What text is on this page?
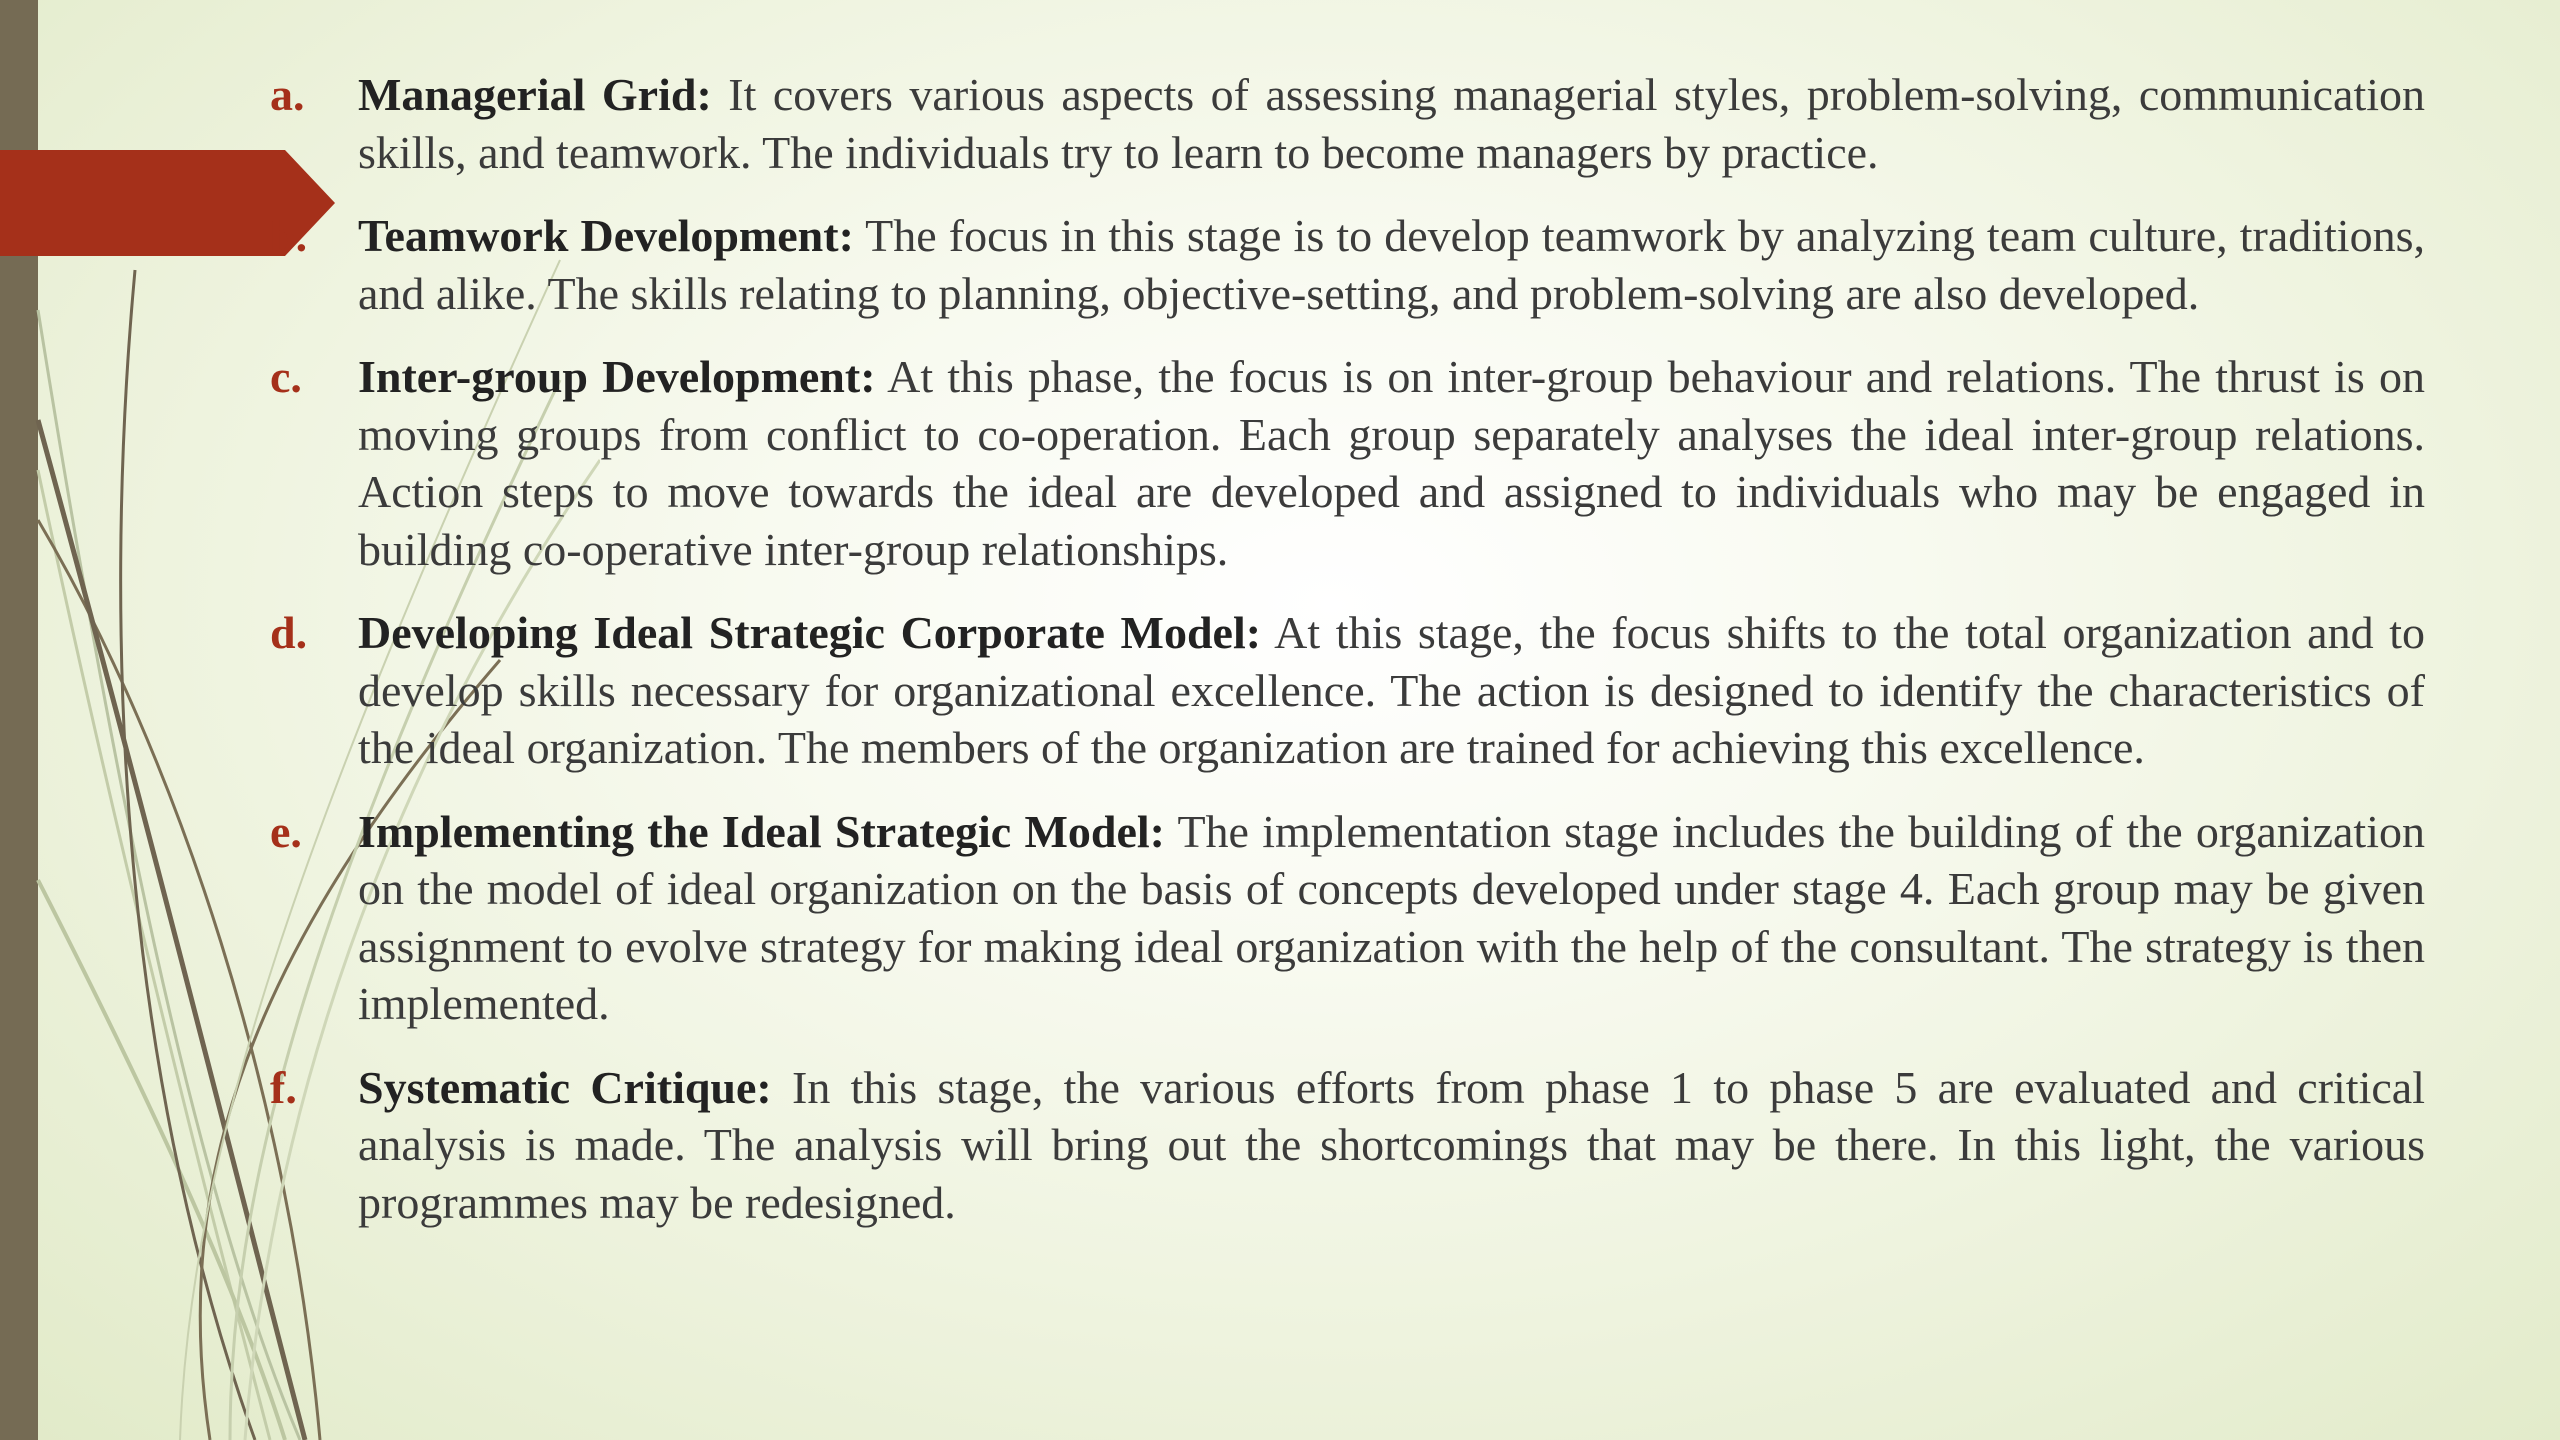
a.	Managerial Grid: It covers various aspects of assessing managerial styles, problem-solving, communication skills, and teamwork. The individuals try to learn to become managers by practice.
b.	Teamwork Development: The focus in this stage is to develop teamwork by analyzing team culture, traditions, and alike. The skills relating to planning, objective-setting, and problem-solving are also developed.
c.	Inter-group Development: At this phase, the focus is on inter-group behaviour and relations. The thrust is on moving groups from conflict to co-operation. Each group separately analyses the ideal inter-group relations. Action steps to move towards the ideal are developed and assigned to individuals who may be engaged in building co-operative inter-group relationships.
d.	Developing Ideal Strategic Corporate Model: At this stage, the focus shifts to the total organization and to develop skills necessary for organizational excellence. The action is designed to identify the characteristics of the ideal organization. The members of the organization are trained for achieving this excellence.
e.	Implementing the Ideal Strategic Model: The implementation stage includes the building of the organization on the model of ideal organization on the basis of concepts developed under stage 4. Each group may be given assignment to evolve strategy for making ideal organization with the help of the consultant. The strategy is then implemented.
f.	Systematic Critique: In this stage, the various efforts from phase 1 to phase 5 are evaluated and critical analysis is made. The analysis will bring out the shortcomings that may be there. In this light, the various programmes may be redesigned.
